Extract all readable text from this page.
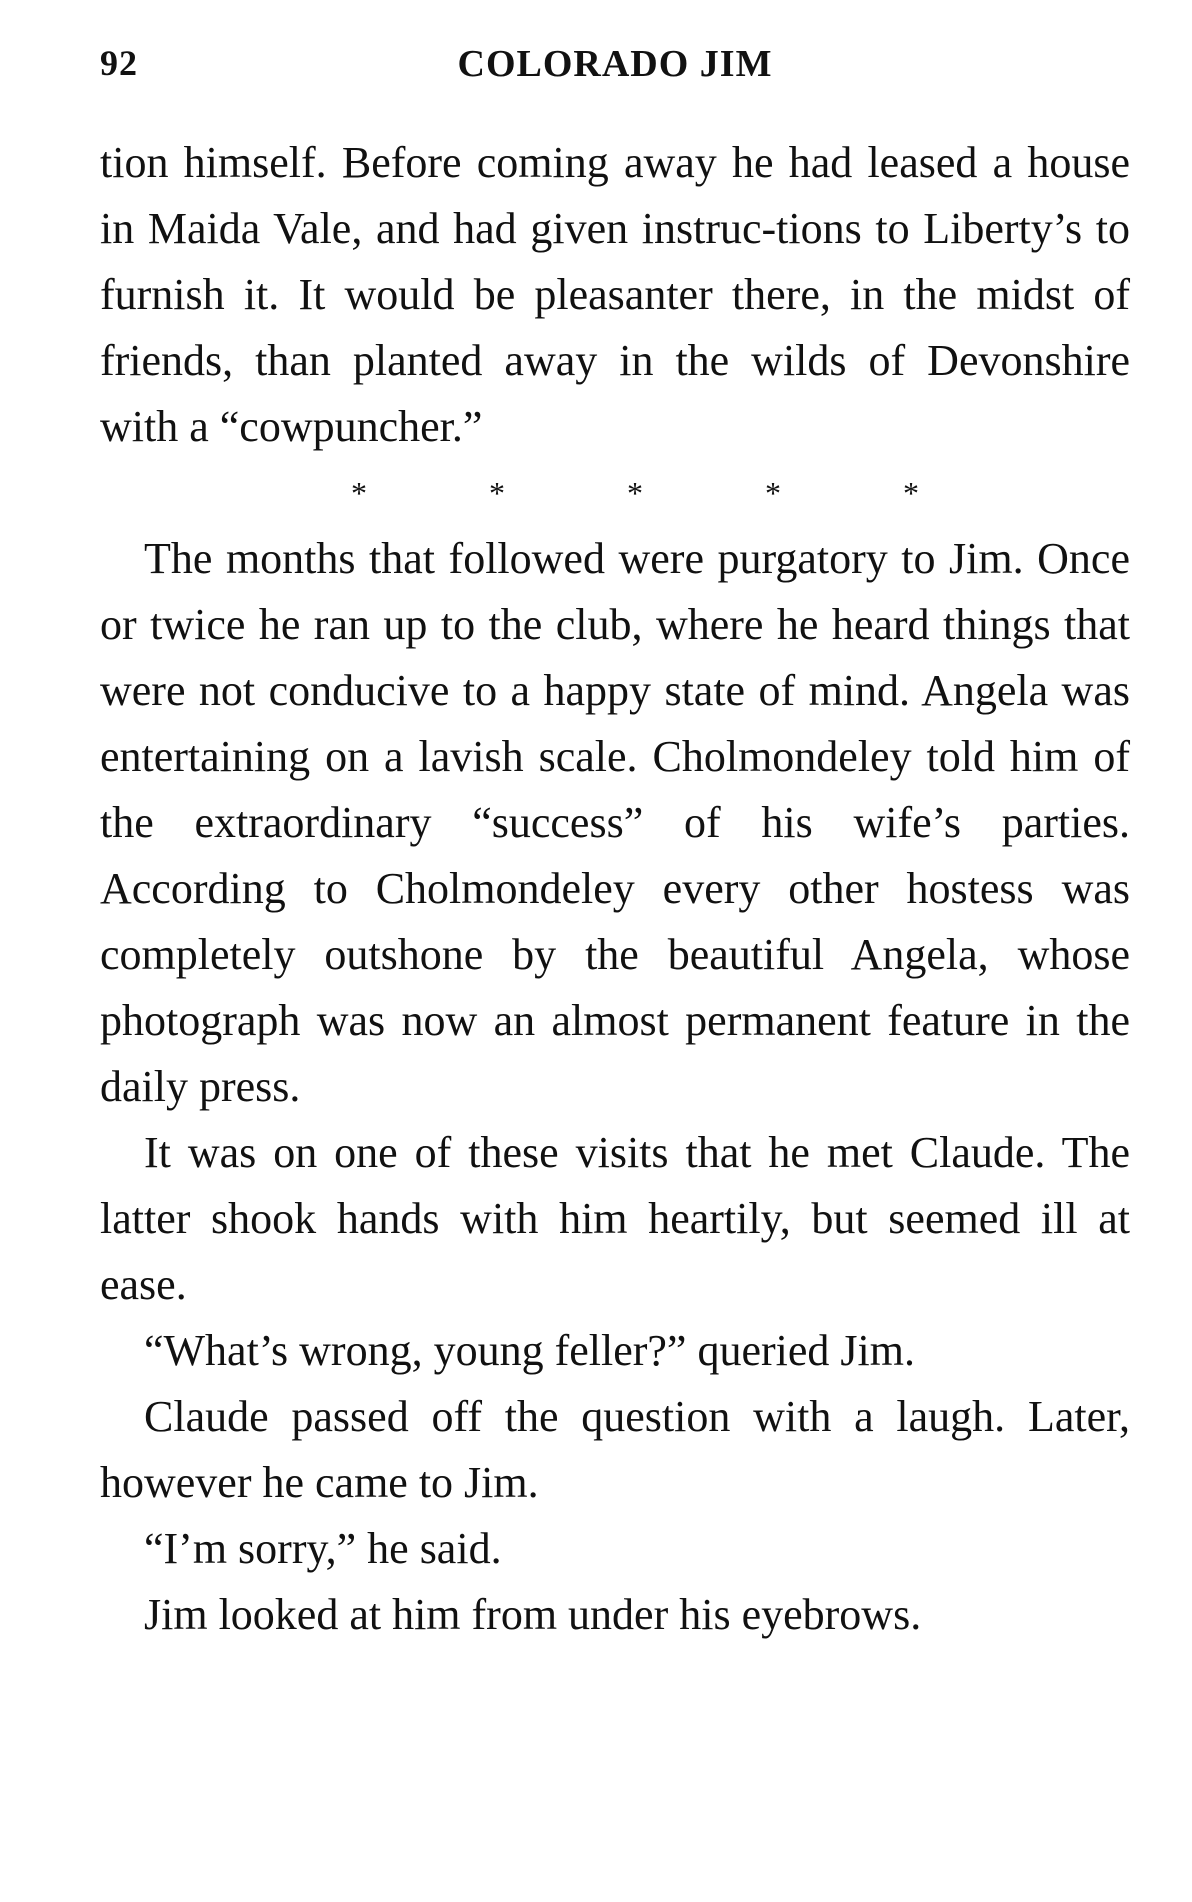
92	COLORADO JIM

tion himself. Before coming away he had leased a house in Maida Vale, and had given instruc-tions to Liberty’s to furnish it. It would be pleasanter there, in the midst of friends, than planted away in the wilds of Devonshire with a “cowpuncher.”

*	*	*	*	*

The months that followed were purgatory to Jim. Once or twice he ran up to the club, where he heard things that were not conducive to a happy state of mind. Angela was entertaining on a lavish scale. Cholmondeley told him of the extraordinary “success” of his wife’s parties. According to Cholmondeley every other hostess was completely outshone by the beautiful Angela, whose photograph was now an almost permanent feature in the daily press.

It was on one of these visits that he met Claude. The latter shook hands with him heartily, but seemed ill at ease.

“What’s wrong, young feller?” queried Jim.

Claude passed off the question with a laugh. Later, however he came to Jim.

“I’m sorry,” he said.

Jim looked at him from under his eyebrows.
